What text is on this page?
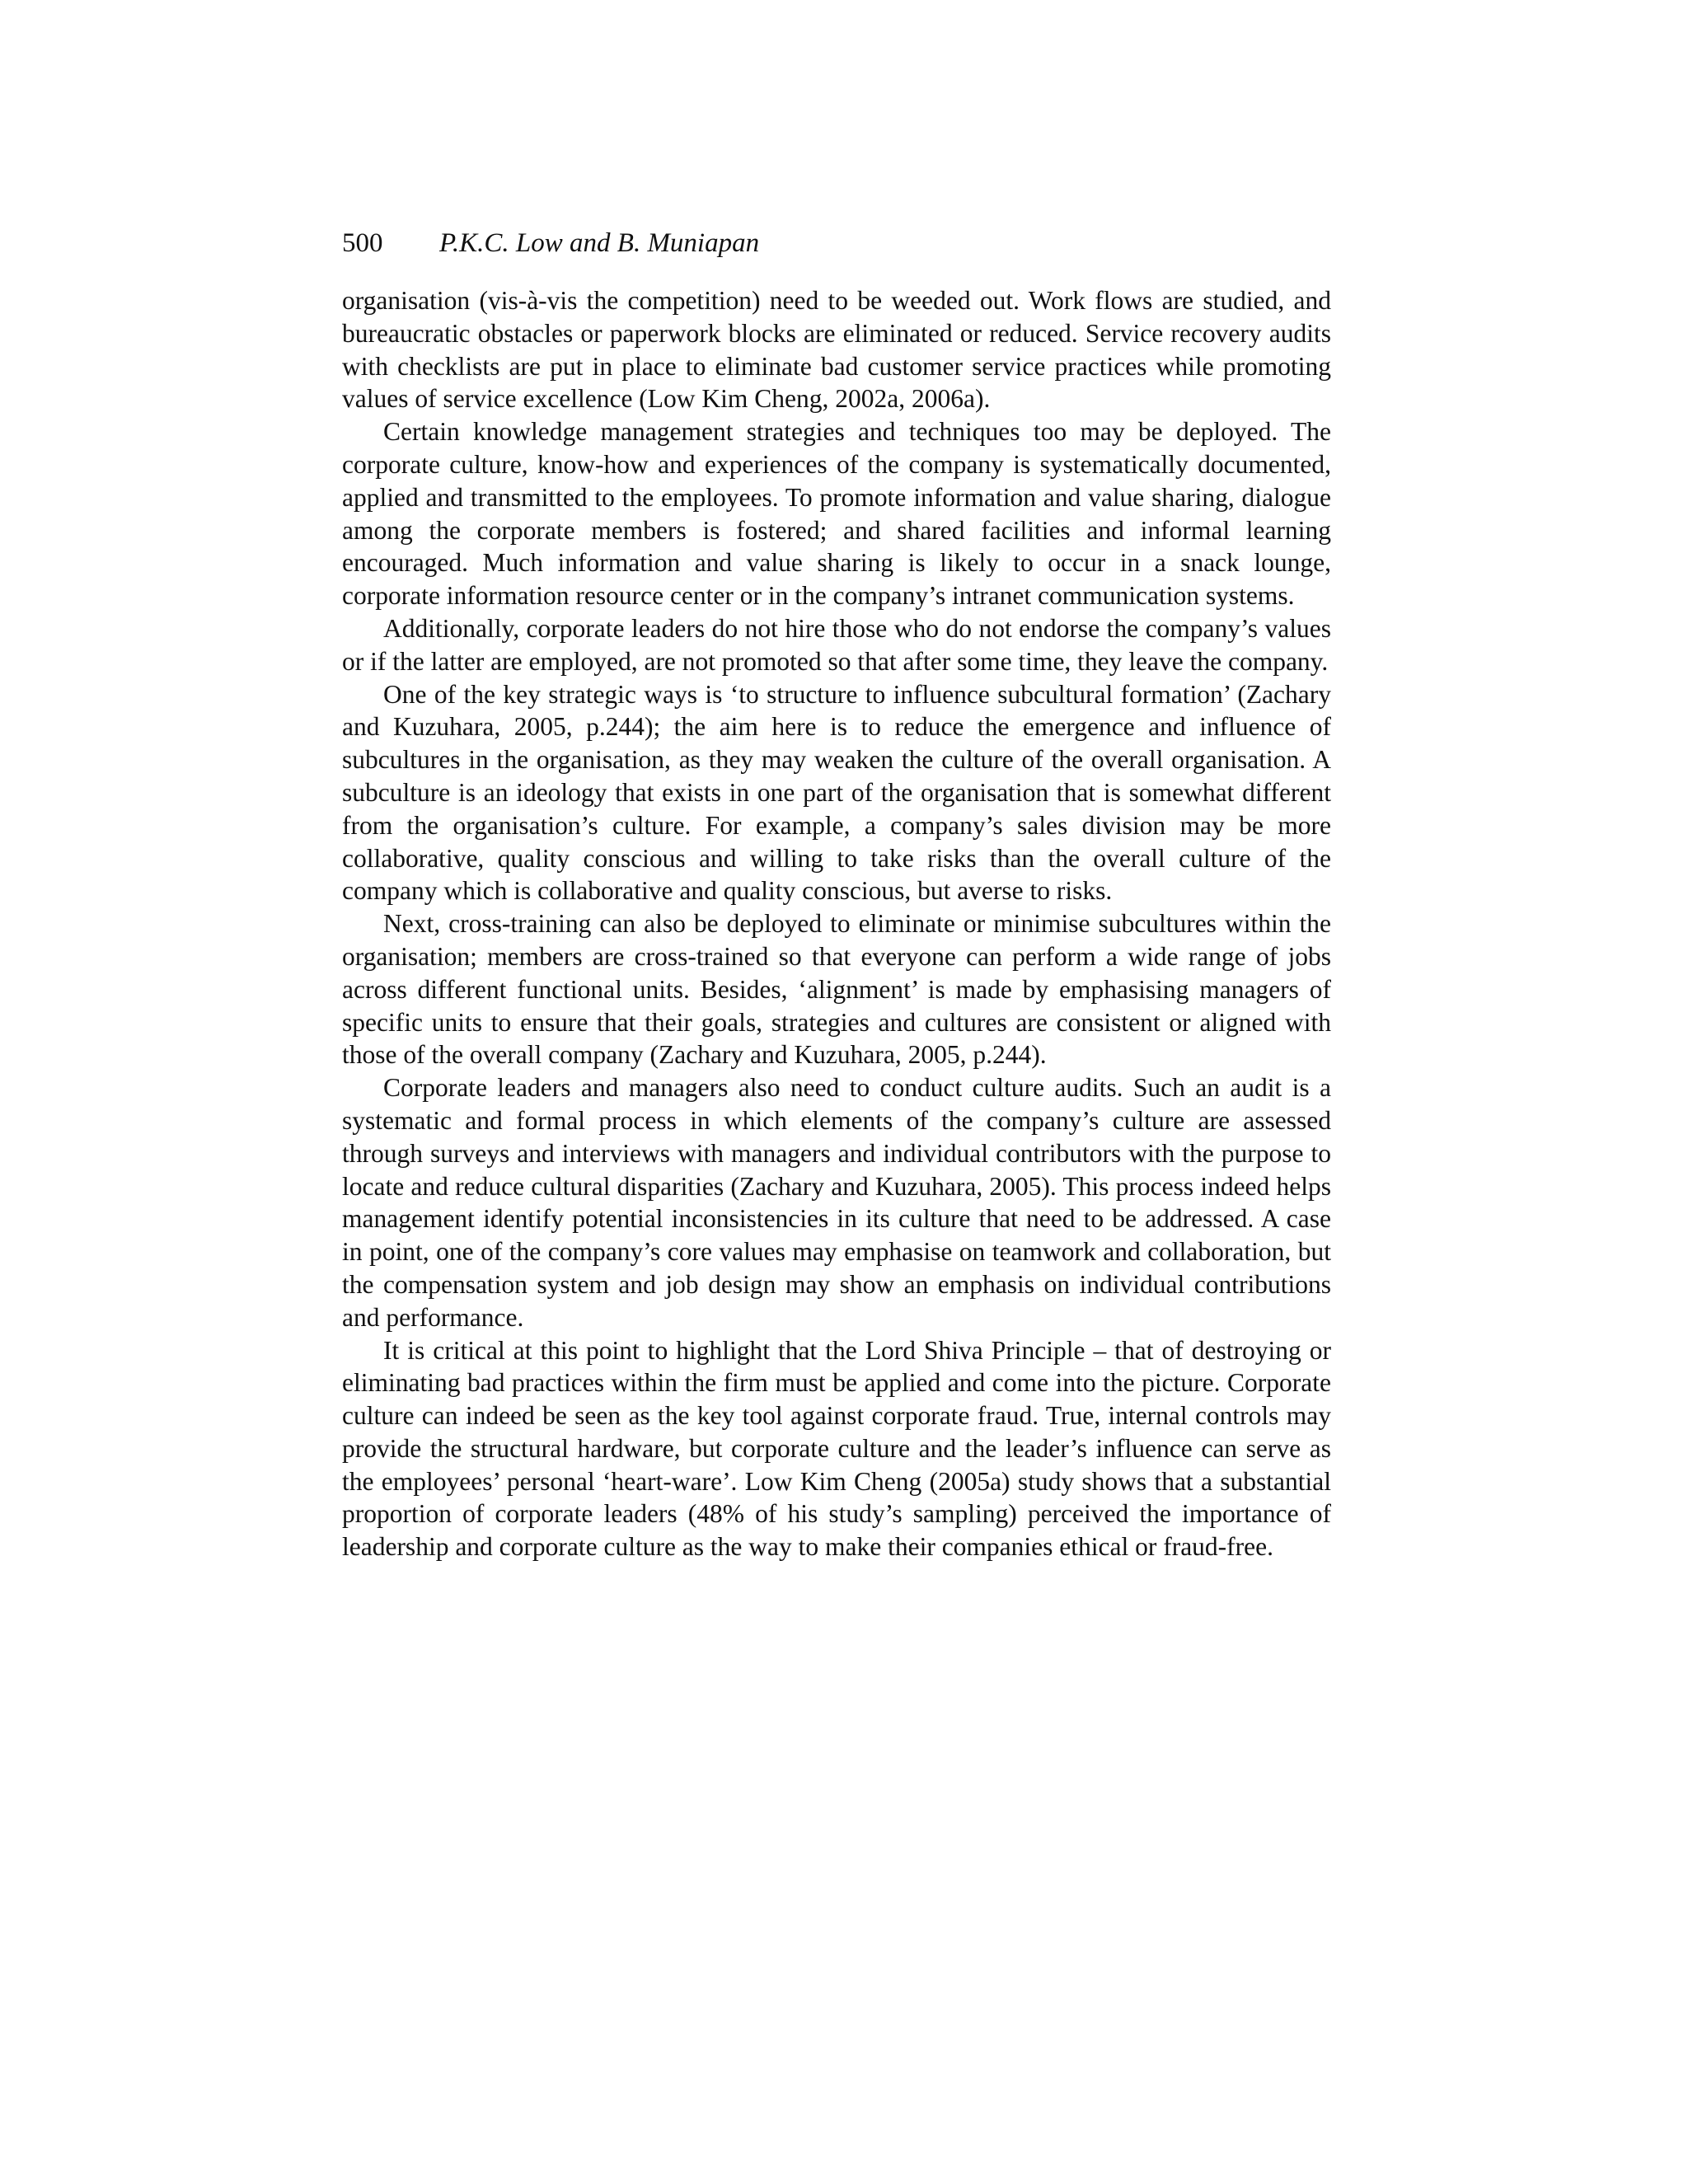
500 P.K.C. Low and B. Muniapan

organisation (vis-à-vis the competition) need to be weeded out. Work flows are studied, and bureaucratic obstacles or paperwork blocks are eliminated or reduced. Service recovery audits with checklists are put in place to eliminate bad customer service practices while promoting values of service excellence (Low Kim Cheng, 2002a, 2006a).

Certain knowledge management strategies and techniques too may be deployed. The corporate culture, know-how and experiences of the company is systematically documented, applied and transmitted to the employees. To promote information and value sharing, dialogue among the corporate members is fostered; and shared facilities and informal learning encouraged. Much information and value sharing is likely to occur in a snack lounge, corporate information resource center or in the company’s intranet communication systems.

Additionally, corporate leaders do not hire those who do not endorse the company’s values or if the latter are employed, are not promoted so that after some time, they leave the company.

One of the key strategic ways is ‘to structure to influence subcultural formation’ (Zachary and Kuzuhara, 2005, p.244); the aim here is to reduce the emergence and influence of subcultures in the organisation, as they may weaken the culture of the overall organisation. A subculture is an ideology that exists in one part of the organisation that is somewhat different from the organisation’s culture. For example, a company’s sales division may be more collaborative, quality conscious and willing to take risks than the overall culture of the company which is collaborative and quality conscious, but averse to risks.

Next, cross-training can also be deployed to eliminate or minimise subcultures within the organisation; members are cross-trained so that everyone can perform a wide range of jobs across different functional units. Besides, ‘alignment’ is made by emphasising managers of specific units to ensure that their goals, strategies and cultures are consistent or aligned with those of the overall company (Zachary and Kuzuhara, 2005, p.244).

Corporate leaders and managers also need to conduct culture audits. Such an audit is a systematic and formal process in which elements of the company’s culture are assessed through surveys and interviews with managers and individual contributors with the purpose to locate and reduce cultural disparities (Zachary and Kuzuhara, 2005). This process indeed helps management identify potential inconsistencies in its culture that need to be addressed. A case in point, one of the company’s core values may emphasise on teamwork and collaboration, but the compensation system and job design may show an emphasis on individual contributions and performance.

It is critical at this point to highlight that the Lord Shiva Principle – that of destroying or eliminating bad practices within the firm must be applied and come into the picture. Corporate culture can indeed be seen as the key tool against corporate fraud. True, internal controls may provide the structural hardware, but corporate culture and the leader’s influence can serve as the employees’ personal ‘heart-ware’. Low Kim Cheng (2005a) study shows that a substantial proportion of corporate leaders (48% of his study’s sampling) perceived the importance of leadership and corporate culture as the way to make their companies ethical or fraud-free.
